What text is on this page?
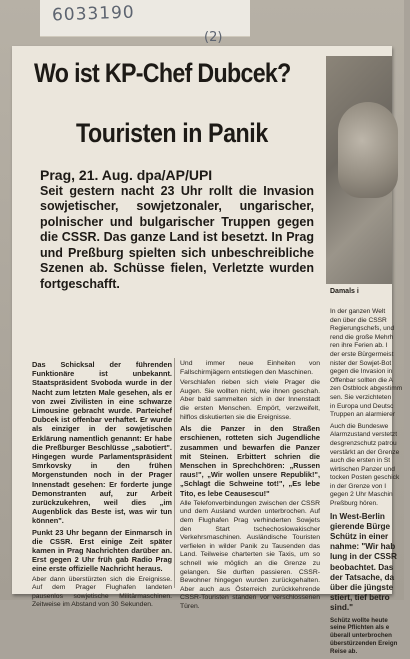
6033190
(2)
Wo ist KP-Chef Dubcek?
Touristen in Panik
Prag, 21. Aug. dpa/AP/UPI
Seit gestern nacht 23 Uhr rollt die Invasion sowjetischer, sowjetzonaler, ungarischer, polnischer und bulgarischer Truppen gegen die CSSR. Das ganze Land ist besetzt. In Prag und Preßburg spielten sich unbeschreibliche Szenen ab. Schüsse fielen, Verletzte wurden fortgeschafft.

Das Schicksal der führenden Funktionäre ist unbekannt. Staatspräsident Svoboda wurde in der Nacht zum letzten Male gesehen, als er von zwei Zivilisten in eine schwarze Limousine gebracht wurde. Parteichef Dubcek ist offenbar verhaftet. Er wurde als einziger in der sowjetischen Erklärung namentlich genannt: Er habe die Preßburger Beschlüsse „sabotiert". Hingegen wurde Parlamentspräsident Smrkovsky in den frühen Morgenstunden noch in der Prager Innenstadt gesehen: Er forderte junge Demonstranten auf, zur Arbeit zurückzukehren, weil dies „im Augenblick das Beste ist, was wir tun können".

Punkt 23 Uhr begann der Einmarsch in die CSSR. Erst einige Zeit später kamen in Prag Nachrichten darüber an. Erst gegen 2 Uhr früh gab Radio Prag eine erste offizielle Nachricht heraus.

Aber dann überstürzten sich die Ereignisse. Auf dem Prager Flughafen landeten pausenlos sowjetische Militärmaschinen. Zeitweise im Abstand von 30 Sekunden.

Und immer neue Einheiten von Fallschirmjägern entstiegen den Maschinen.

Verschlafen rieben sich viele Prager die Augen. Sie wollten nicht, wie ihnen geschah. Aber bald sammelten sich in der Innenstadt die ersten Menschen. Empört, verzweifelt, hilflos diskutierten sie die Ereignisse.

Als die Panzer in den Straßen erschienen, rotteten sich Jugendliche zusammen und bewarfen die Panzer mit Steinen. Erbittert schrien die Menschen in Sprechchören: „Russen raus!", „Wir wollen unsere Republik!", „Schlagt die Schweine tot!", „Es lebe Tito, es lebe Ceausescu!"

Alle Telefonverbindungen zwischen der CSSR und dem Ausland wurden unterbrochen. Auf dem Flughafen Prag verhinderten Sowjets den Start tschechoslowakischer Verkehrsmaschinen. Ausländische Touristen verfielen in wilder Panik zu Tausenden das Land. Teilweise charterten sie Taxis, um so schnell wie möglich an die Grenze zu gelangen. Sie durften passieren. CSSR-Bewohner hingegen wurden zurückgehalten. Aber auch aus Österreich zurückkehrende CSSR-Touristen standen vor verschlossenen Türen.

Damals i

In der ganzen Welt
den über die CSSR
Regierungschefs, und
rend die große Mehrh
ren ihre Ferien ab. I
der erste Bürgermeist
nister der Sowjet-Bot
gegen die Invasion in
Offenbar sollten die A
zen Ostblock abgestimm
sen. Sie verzichteten
in Europa und Deutsc
Truppen an alarmierer

Auch die Bundeswe
Alarmzustand verstetzt
desgrenzschutz patrou
verstärkt an der Grenze
auch die ersten in St
wirtischen Panzer und
tocken Posten geschick
in der Grenze von I
gegen 2 Uhr Maschin
Preßburg hören.

In West-Berlin
gierende Bürge
Schütz in einer
nahme: "Wir hab
lung in der CSSR
beobachtet. Das
der Tatsache, da
über die jüngste
stiert, tief betro
sind."

Schütz wollte heute
seine Pflichten als e
überall unterbrochen
überstürzenden Ereign
Reise ab.
